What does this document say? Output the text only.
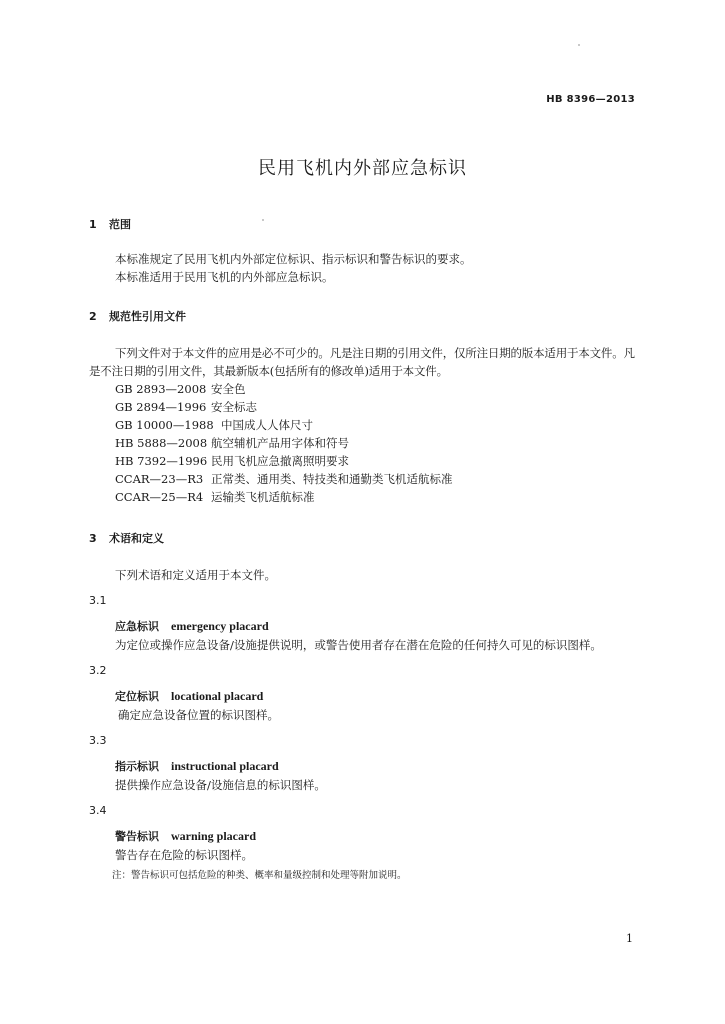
HB 8396—2013
民用飞机内外部应急标识
1 范围
本标准规定了民用飞机内外部定位标识、指示标识和警告标识的要求。
本标准适用于民用飞机的内外部应急标识。
2 规范性引用文件
下列文件对于本文件的应用是必不可少的。凡是注日期的引用文件，仅所注日期的版本适用于本文件。凡是不注日期的引用文件，其最新版本(包括所有的修改单)适用于本文件。
GB 2893—2008 安全色
GB 2894—1996 安全标志
GB 10000—1988 中国成人人体尺寸
HB 5888—2008 航空辅机产品用字体和符号
HB 7392—1996 民用飞机应急撤离照明要求
CCAR—23—R3 正常类、通用类、特技类和通勤类飞机适航标准
CCAR—25—R4 运输类飞机适航标准
3 术语和定义
下列术语和定义适用于本文件。
3.1
应急标识 emergency placard
为定位或操作应急设备/设施提供说明，或警告使用者存在潜在危险的任何持久可见的标识图样。
3.2
定位标识 locational placard
确定应急设备位置的标识图样。
3.3
指示标识 instructional placard
提供操作应急设备/设施信息的标识图样。
3.4
警告标识 warning placard
警告存在危险的标识图样。
注：警告标识可包括危险的种类、概率和量级控制和处理等附加说明。
1
